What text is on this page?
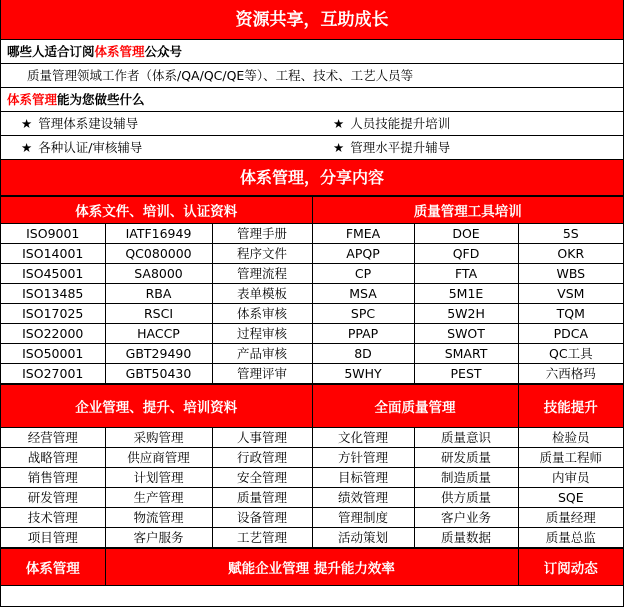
资源共享，互助成长
哪些人适合订阅体系管理公众号
质量管理领域工作者（体系/QA/QC/QE等）、工程、技术、工艺人员等
体系管理能为您做些什么
★ 管理体系建设辅导	★ 人员技能提升培训
★ 各种认证/审核辅导	★ 管理水平提升辅导
体系管理，分享内容
体系文件、培训、认证资料			质量管理工具培训		
ISO9001	IATF16949	管理手册	FMEA	DOE	5S
ISO14001	QC080000	程序文件	APQP	QFD	OKR
ISO45001	SA8000	管理流程	CP	FTA	WBS
ISO13485	RBA	表单模板	MSA	5M1E	VSM
ISO17025	RSCI	体系审核	SPC	5W2H	TQM
ISO22000	HACCP	过程审核	PPAP	SWOT	PDCA
ISO50001	GBT29490	产品审核	8D	SMART	QC工具
ISO27001	GBT50430	管理评审	5WHY	PEST	六西格玛
企业管理、提升、培训资料			全面质量管理		技能提升
经营管理	采购管理	人事管理	文化管理	质量意识	检验员
战略管理	供应商管理	行政管理	方针管理	研发质量	质量工程师
销售管理	计划管理	安全管理	目标管理	制造质量	内审员
研发管理	生产管理	质量管理	绩效管理	供方质量	SQE
技术管理	物流管理	设备管理	管理制度	客户业务	质量经理
项目管理	客户服务	工艺管理	活动策划	质量数据	质量总监
体系管理	赋能企业管理 提升能力效率	订阅动态
